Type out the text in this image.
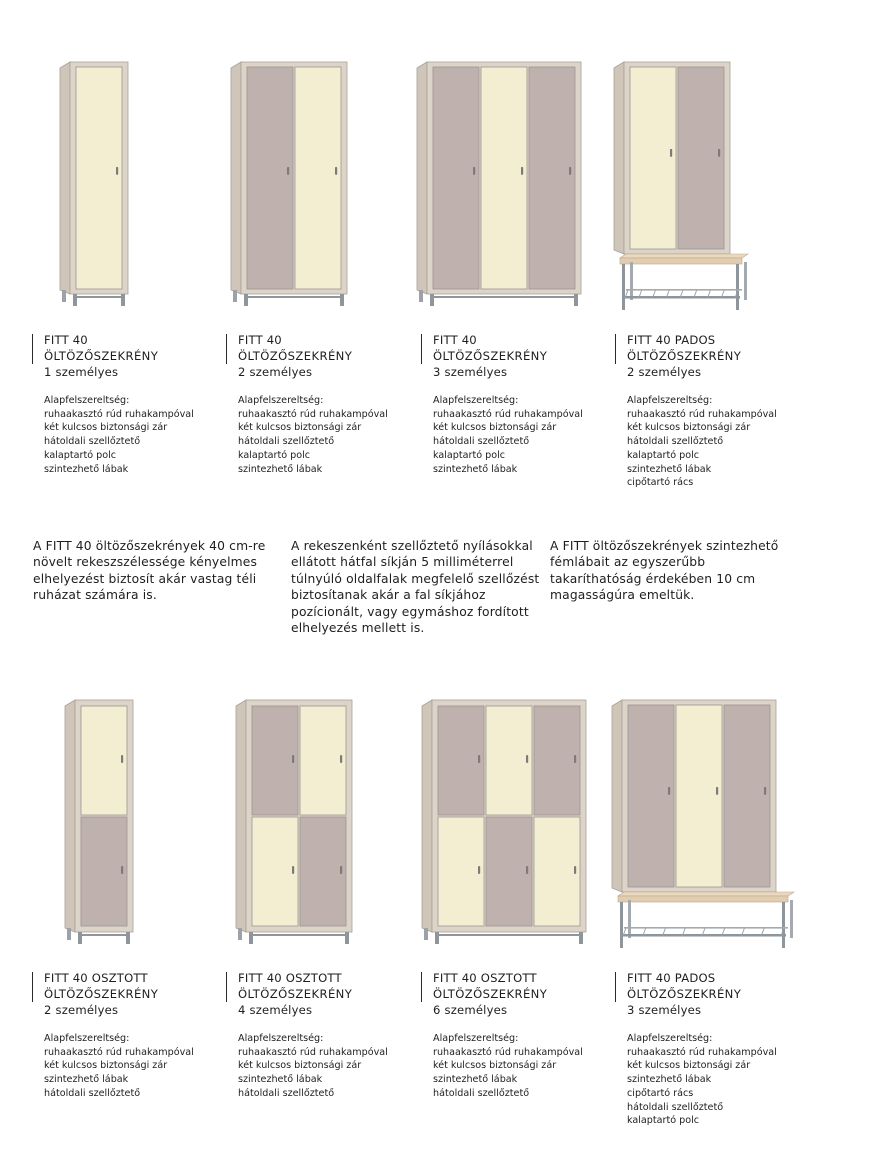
FITT 40
ÖLTÖZŐSZEKRÉNY
1 személyes
Alapfelszereltség:
ruhaakasztó rúd ruhakampóval
két kulcsos biztonsági zár
hátoldali szellőztető
kalaptartó polc
szintezhető lábak
FITT 40
ÖLTÖZŐSZEKRÉNY
2 személyes
Alapfelszereltség:
ruhaakasztó rúd ruhakampóval
két kulcsos biztonsági zár
hátoldali szellőztető
kalaptartó polc
szintezhető lábak
FITT 40
ÖLTÖZŐSZEKRÉNY
3 személyes
Alapfelszereltség:
ruhaakasztó rúd ruhakampóval
két kulcsos biztonsági zár
hátoldali szellőztető
kalaptartó polc
szintezhető lábak
FITT 40 PADOS
ÖLTÖZŐSZEKRÉNY
2 személyes
Alapfelszereltség:
ruhaakasztó rúd ruhakampóval
két kulcsos biztonsági zár
hátoldali szellőztető
kalaptartó polc
szintezhető lábak
cipőtartó rács
A FITT 40 öltözőszekrények 40 cm-re növelt rekeszszélessége kényelmes elhelyezést biztosít akár vastag téli ruházat számára is.
A rekeszenként szellőztető nyílásokkal ellátott hátfal síkján 5 milliméterrel túlnyúló oldalfalak megfelelő szellőzést biztosítanak akár a fal síkjához pozícionált, vagy egymáshoz fordított elhelyezés mellett is.
A FITT öltözőszekrények szintezhető fémlábait az egyszerűbb takaríthatóság érdekében 10 cm magasságúra emeltük.
FITT 40 OSZTOTT
ÖLTÖZŐSZEKRÉNY
2 személyes
Alapfelszereltség:
ruhaakasztó rúd ruhakampóval
két kulcsos biztonsági zár
szintezhető lábak
hátoldali szellőztető
FITT 40 OSZTOTT
ÖLTÖZŐSZEKRÉNY
4 személyes
Alapfelszereltség:
ruhaakasztó rúd ruhakampóval
két kulcsos biztonsági zár
szintezhető lábak
hátoldali szellőztető
FITT 40 OSZTOTT
ÖLTÖZŐSZEKRÉNY
6 személyes
Alapfelszereltség:
ruhaakasztó rúd ruhakampóval
két kulcsos biztonsági zár
szintezhető lábak
hátoldali szellőztető
FITT 40 PADOS
ÖLTÖZŐSZEKRÉNY
3 személyes
Alapfelszereltség:
ruhaakasztó rúd ruhakampóval
két kulcsos biztonsági zár
szintezhető lábak
cipőtartó rács
hátoldali szellőztető
kalaptartó polc
